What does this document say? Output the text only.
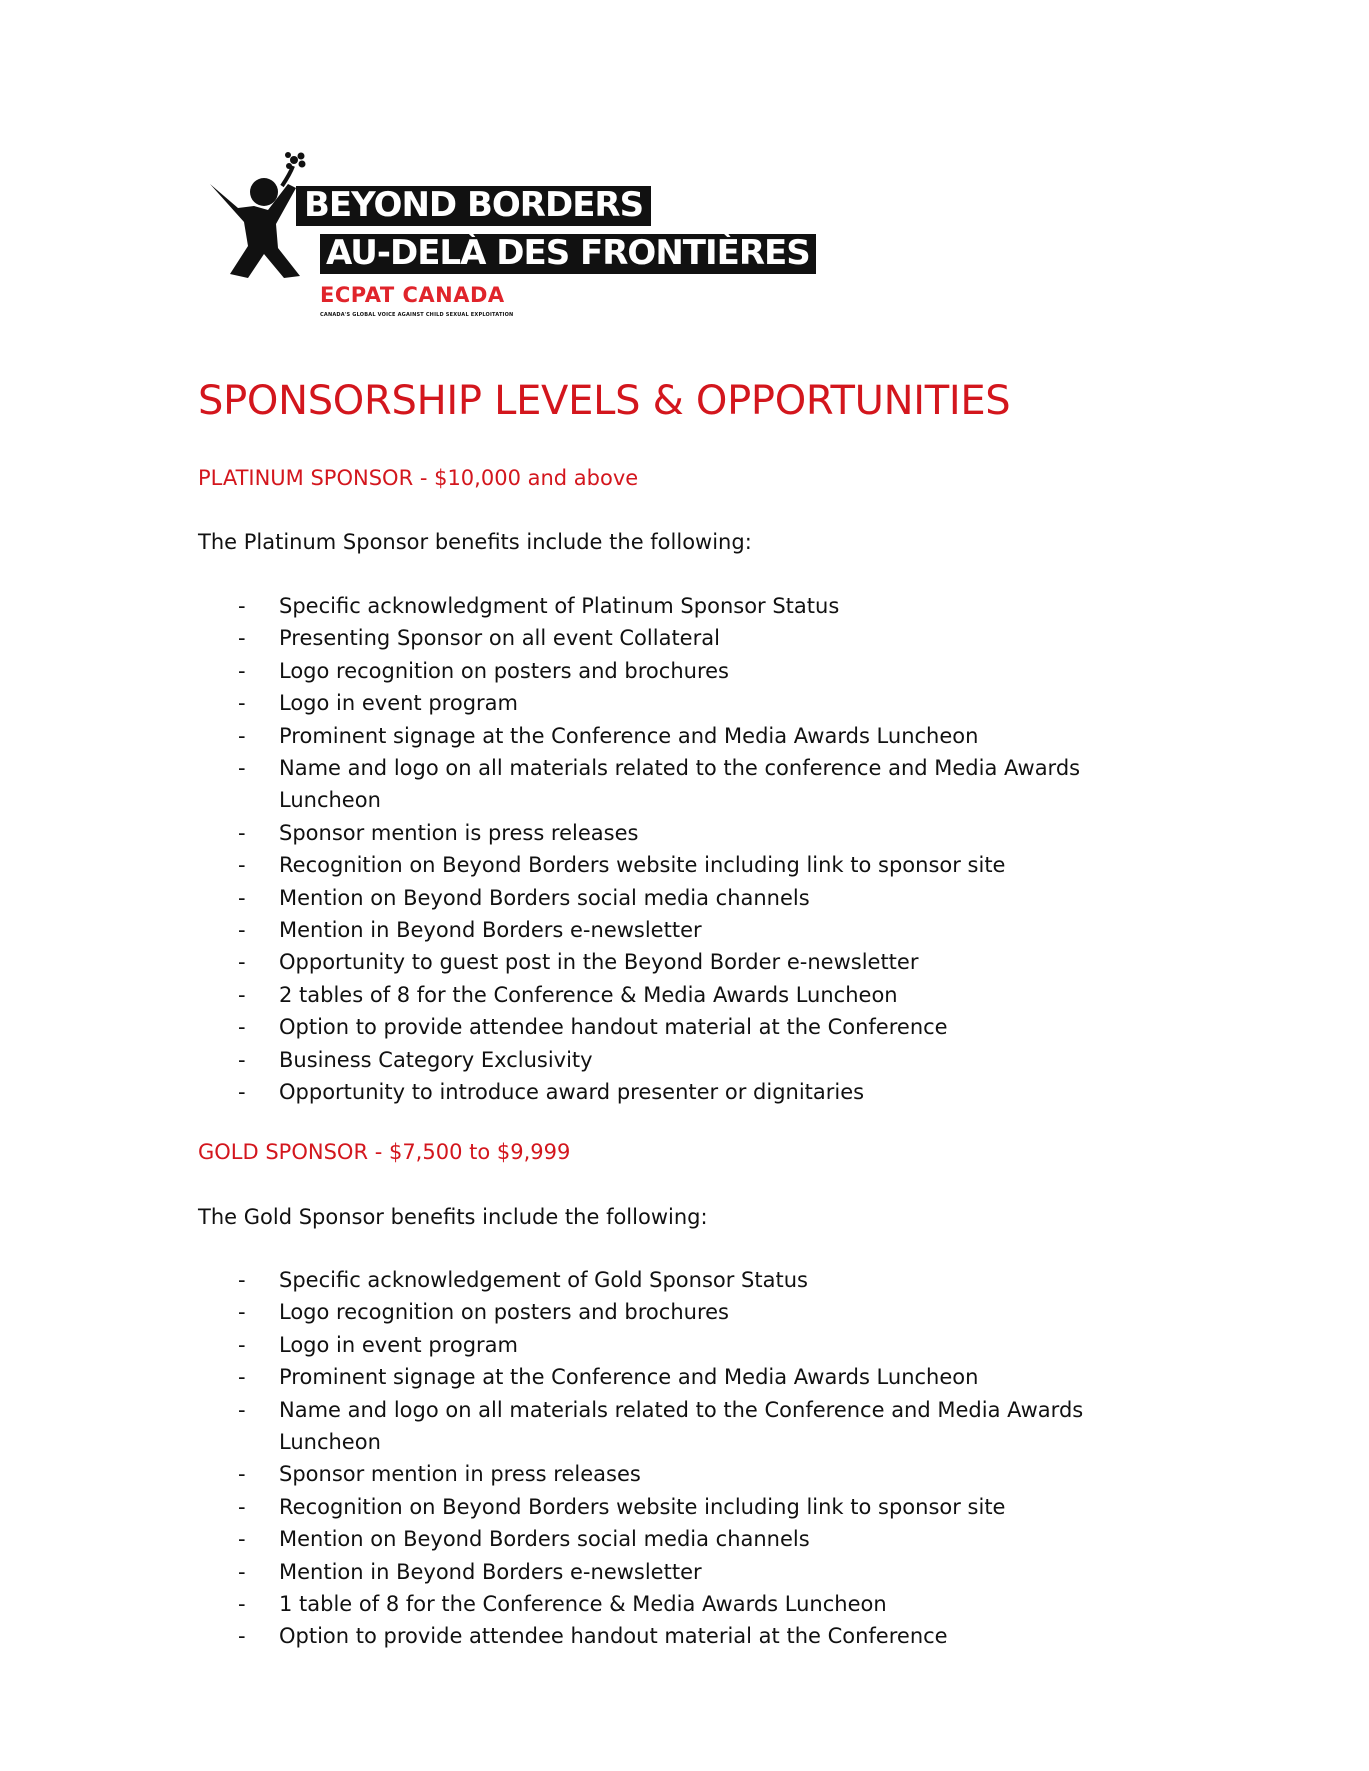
BEYOND BORDERS
AU-DELÀ DES FRONTIÈRES
ECPAT CANADA
CANADA'S GLOBAL VOICE AGAINST CHILD SEXUAL EXPLOITATION
SPONSORSHIP LEVELS & OPPORTUNITIES
PLATINUM SPONSOR - $10,000 and above

The Platinum Sponsor benefits include the following:

- Specific acknowledgment of Platinum Sponsor Status
- Presenting Sponsor on all event Collateral
- Logo recognition on posters and brochures
- Logo in event program
- Prominent signage at the Conference and Media Awards Luncheon
- Name and logo on all materials related to the conference and Media Awards Luncheon
- Sponsor mention is press releases
- Recognition on Beyond Borders website including link to sponsor site
- Mention on Beyond Borders social media channels
- Mention in Beyond Borders e-newsletter
- Opportunity to guest post in the Beyond Border e-newsletter
- 2 tables of 8 for the Conference & Media Awards Luncheon
- Option to provide attendee handout material at the Conference
- Business Category Exclusivity
- Opportunity to introduce award presenter or dignitaries
GOLD SPONSOR - $7,500 to $9,999

The Gold Sponsor benefits include the following:

- Specific acknowledgement of Gold Sponsor Status
- Logo recognition on posters and brochures
- Logo in event program
- Prominent signage at the Conference and Media Awards Luncheon
- Name and logo on all materials related to the Conference and Media Awards Luncheon
- Sponsor mention in press releases
- Recognition on Beyond Borders website including link to sponsor site
- Mention on Beyond Borders social media channels
- Mention in Beyond Borders e-newsletter
- 1 table of 8 for the Conference & Media Awards Luncheon
- Option to provide attendee handout material at the Conference
